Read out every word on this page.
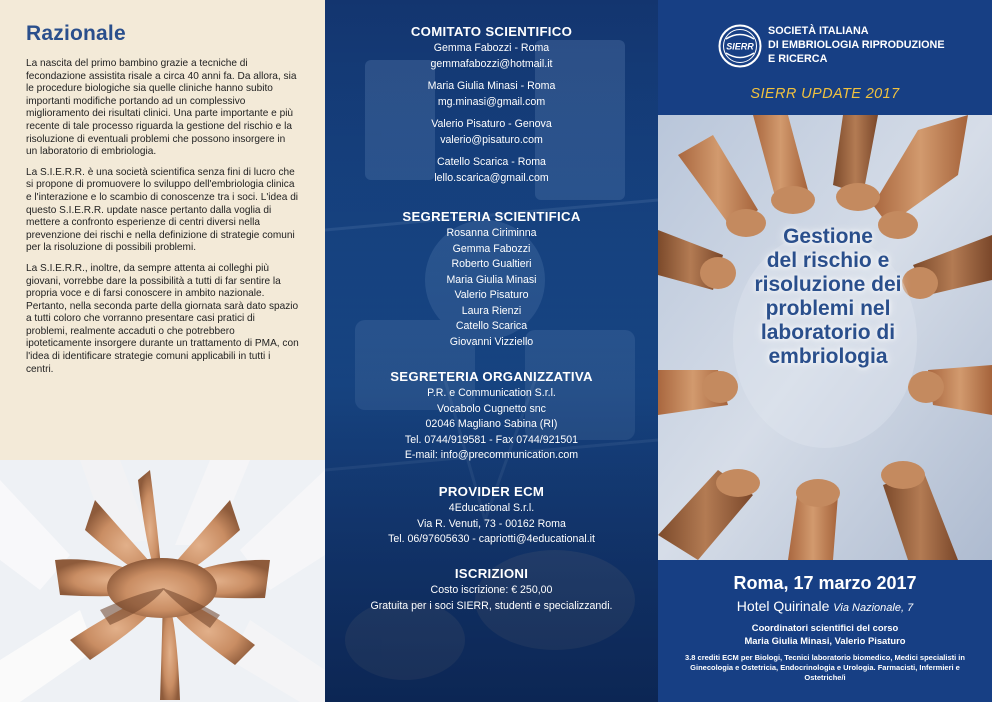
Razionale

La nascita del primo bambino grazie a tecniche di fecondazione assistita risale a circa 40 anni fa. Da allora, sia le procedure biologiche sia quelle cliniche hanno subito importanti modifiche portando ad un complessivo miglioramento dei risultati clinici. Una parte importante e più recente di tale processo riguarda la gestione del rischio e la risoluzione di eventuali problemi che possono insorgere in un laboratorio di embriologia.

La S.I.E.R.R. è una società scientifica senza fini di lucro che si propone di promuovere lo sviluppo dell'embriologia clinica e l'interazione e lo scambio di conoscenze tra i soci. L'idea di questo S.I.E.R.R. update nasce pertanto dalla voglia di mettere a confronto esperienze di centri diversi nella prevenzione dei rischi e nella definizione di strategie comuni per la risoluzione di possibili problemi.

La S.I.E.R.R., inoltre, da sempre attenta ai colleghi più giovani, vorrebbe dare la possibilità a tutti di far sentire la propria voce e di farsi conoscere in ambito nazionale. Pertanto, nella seconda parte della giornata sarà dato spazio a tutti coloro che vorranno presentare casi pratici di problemi, realmente accaduti o che potrebbero ipoteticamente insorgere durante un trattamento di PMA, con l'idea di identificare strategie comuni applicabili in tutti i centri.

COMITATO SCIENTIFICO
Gemma Fabozzi - Roma
gemmafabozzi@hotmail.it
Maria Giulia Minasi - Roma
mg.minasi@gmail.com
Valerio Pisaturo - Genova
valerio@pisaturo.com
Catello Scarica - Roma
lello.scarica@gmail.com
SEGRETERIA SCIENTIFICA
Rosanna Ciriminna
Gemma Fabozzi
Roberto Gualtieri
Maria Giulia Minasi
Valerio Pisaturo
Laura Rienzi
Catello Scarica
Giovanni Vizziello
SEGRETERIA ORGANIZZATIVA
P.R. e Communication S.r.l.
Vocabolo Cugnetto snc
02046 Magliano Sabina (RI)
Tel. 0744/919581 - Fax 0744/921501
E-mail: info@precommunication.com
PROVIDER ECM
4Educational S.r.l.
Via R. Venuti, 73 - 00162 Roma
Tel. 06/97605630 - capriotti@4educational.it
ISCRIZIONI
Costo iscrizione: € 250,00
Gratuita per i soci SIERR, studenti e specializzandi.
SIERR
SOCIETÀ ITALIANA
DI EMBRIOLOGIA RIPRODUZIONE
E RICERCA
SIERR UPDATE 2017
Gestione
del rischio e
risoluzione dei
problemi nel
laboratorio di
embriologia
Roma, 17 marzo 2017
Hotel Quirinale Via Nazionale, 7
Coordinatori scientifici del corso
Maria Giulia Minasi, Valerio Pisaturo
3.8 crediti ECM per Biologi, Tecnici laboratorio biomedico, Medici specialisti in Ginecologia e Ostetricia, Endocrinologia e Urologia. Farmacisti, Infermieri e Ostetriche/i
